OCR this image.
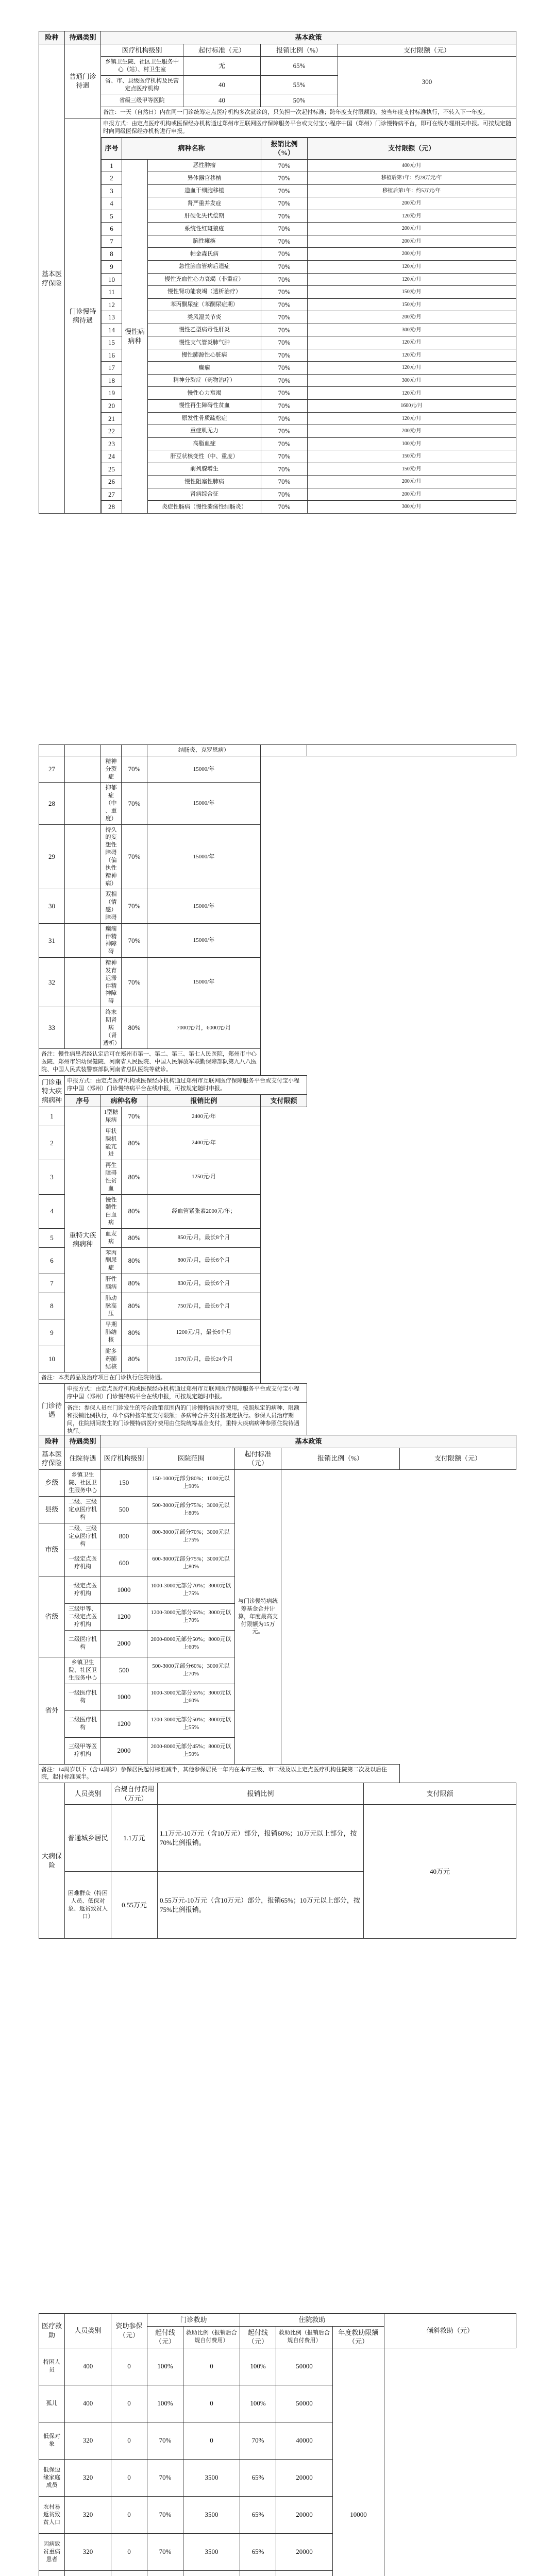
险种	待遇类别	基本政策
基本医疗保险	普通门诊待遇	医疗机构级别	起付标准（元）	报销比例（%）	支付限额（元）
乡镇卫生院、社区卫生服务中心（站）、村卫生室	无	65%	300
省、市、县级医疗机构及民营定点医疗机构	40	55%
省级三级甲等医院	40	50%
备注：一天（自然日）内在同一门诊统筹定点医疗机构多次就诊的，只负担一次起付标准；跨年度支付限额的，按当年度支付标准执行，不转入下一年度。
门诊慢特病待遇	申报方式：由定点医疗机构或医保经办机构通过郑州市互联网医疗保障服务平台或支付宝小程序中国（郑州）门诊慢特病平台，即可在线办理相关申报。可按规定随时向同级医保经办机构进行申报。

序号	病种名称	报销比例（%）	支付限额（元）
1	慢性病病种	恶性肿瘤	70%	400元/月
2	异体器官移植	70%	移植后第1年：约28万元/年
3	造血干细胞移植	70%	移植后第1年：约5万元/年
4	肾严重并发症	70%	200元/月
5	肝硬化失代偿期	70%	120元/月
6	系统性红斑狼疮	70%	200元/月
7	脑性瘫痪	70%	200元/月
8	帕金森氏病	70%	200元/月
9	急性脑血管病后遗症	70%	120元/月
10	慢性充血性心力衰竭（非重症）	70%	120元/月
11	慢性肾功能衰竭（透析治疗）	70%	150元/月
12	苯丙酮尿症（苯酮尿症期）	70%	150元/月
13	类风湿关节炎	70%	200元/月
14	慢性乙型病毒性肝炎	70%	300元/月
15	慢性支气管炎肺气肿	70%	120元/月
16	慢性肺源性心脏病	70%	120元/月
17	癫痫	70%	120元/月
18	精神分裂症（药物治疗）	70%	300元/月
19	慢性心力衰竭	70%	120元/月
20	慢性再生障碍性贫血	70%	1600元/月
21	原发性骨质疏松症	70%	120元/月
22	重症肌无力	70%	200元/月
23	高脂血症	70%	100元/月
24	肝豆状核变性（中、重度）	70%	150元/月
25	前列腺增生	70%	150元/月
26	慢性阻塞性肺病	70%	200元/月
27	肾病综合征	70%	200元/月
28	炎症性肠病（慢性溃疡性结肠炎）	70%	300元/月
				结肠炎、克罗恩病）		
27		精神分裂症	70%	15000/年		
28		抑郁症（中、重度）	70%	15000/年		
29		持久的妄想性障碍（偏执性精神病）	70%	15000/年		
30		双相（情感）障碍	70%	15000/年		
31		癫痫伴精神障碍	70%	15000/年		
32		精神发育迟滞伴精神障碍	70%	15000/年		
33		终末期肾病（肾透析）	80%	7000元/月，6000元/月		
备注：慢性病患者经认定后可在郑州市第一、第二、第三、第七人民医院，郑州市中心医院、郑州市妇幼保健院、河南省人民医院、中国人民解放军联勤保障部队第九八八医院、中国人民武装警察部队河南省总队医院等就诊。						
门诊重特大疾病病种	申报方式：由定点医疗机构或医保经办机构通过郑州市互联网医疗保障服务平台或支付宝小程序中国（郑州）门诊慢特病平台在线申报，可按规定随时申报。					
	序号	病种名称		报销比例	支付限额	
1	重特大疾病病种	1型糖尿病	70%	2400元/年		
2		甲状腺机能亢进	80%	2400元/年		
3		再生障碍性贫血	80%	1250元/月		
4		慢性髓性白血病	80%	经血管紧张素2000元/年；		
5		血友病	80%	850元/月，最长8个月		
6		苯丙酮尿症	80%	800元/月，最长6个月		
7		肝性脑病	80%	830元/月，最长6个月		
8		肺动脉高压	80%	750元/月，最长6个月		
9		早期肺结核	80%	1200元/月，最长6个月		
10		耐多药肺结核	80%	1670元/月，最长24个月		
备注：本类药品及治疗项目在门诊执行住院待遇。						
门诊待遇	申报方式：由定点医疗机构或医保经办机构通过郑州市互联网医疗保障服务平台或支付宝小程序中国（郑州）门诊慢特病平台在线申报，可按规定随时申报。					
	备注：参保人员在门诊发生的符合政策范围内的门诊慢特病医疗费用，按照规定的病种、限额和报销比例执行，单个病种按年度支付限额；多病种合并支付按规定执行。参保人员治疗期间，住院期间发生的门诊慢特病医疗费用由住院统筹基金支付，重特大疾病病种参照住院待遇执行。					
险种	待遇类别	基本政策				
基本医疗保险	住院待遇	医疗机构级别	医院范围	起付标准（元）	报销比例（%）	支付限额（元）
乡级	乡镇卫生院、社区卫生服务中心	150	150-1000元部分80%；1000元以上90%	与门诊慢特病统筹基金合并计算，年度最高支付限额为15万元。		
县级	二级、三级定点医疗机构	500	500-3000元部分75%；3000元以上80%			
市级	二级、三级定点医疗机构	800	800-3000元部分70%；3000元以上75%			
	一级定点医疗机构	600	600-3000元部分75%；3000元以上80%			
省级	一级定点医疗机构	1000	1000-3000元部分70%；3000元以上75%			
	三级甲等、二级定点医疗机构	1200	1200-3000元部分65%；3000元以上70%			
	二级医疗机构	2000	2000-8000元部分50%；8000元以上60%			
省外	乡镇卫生院、社区卫生服务中心	500	500-3000元部分60%；3000元以上70%			
	一级医疗机构	1000	1000-3000元部分55%；3000元以上60%			
	二级医疗机构	1200	1200-3000元部分50%；3000元以上55%			
	三级甲等医疗机构	2000	2000-8000元部分45%；8000元以上50%			
备注：14周岁以下（含14周岁）参保居民起付标准减半，其他参保居民一年内在本市三级、市二级及以上定点医疗机构住院第二次及以后住院，起付标准减半。						
大病保险	人员类别	合规自付费用（万元）	报销比例	支付限额
	普通城乡居民	1.1万元	1.1万元-10万元（含10万元）部分，报销60%；10万元以上部分，按70%比例报销。	40万元
	困难群众（特困人员、低保对象、返贫致贫人口）	0.55万元	0.55万元-10万元（含10万元）部分，报销65%；10万元以上部分，按75%比例报销。	
医疗救助	人员类别	资助参保（元）	门诊救助		住院救助			倾斜救助（元）
			起付线（元）	救助比例（报销后合规自付费用）	起付线（元）	救助比例（报销后合规自付费用）	年度救助限额（元）	
特困人员	400	0	100%	0	100%	50000	10000	
孤儿	400	0	100%	0	100%	50000		
低保对象	320	0	70%	0	70%	40000		
低保边缘家庭成员	320	0	70%	3500	65%	20000		
农村易返贫致贫人口	320	0	70%	3500	65%	20000		
因病致贫重病患者	320	0	70%	3500	65%	20000		
